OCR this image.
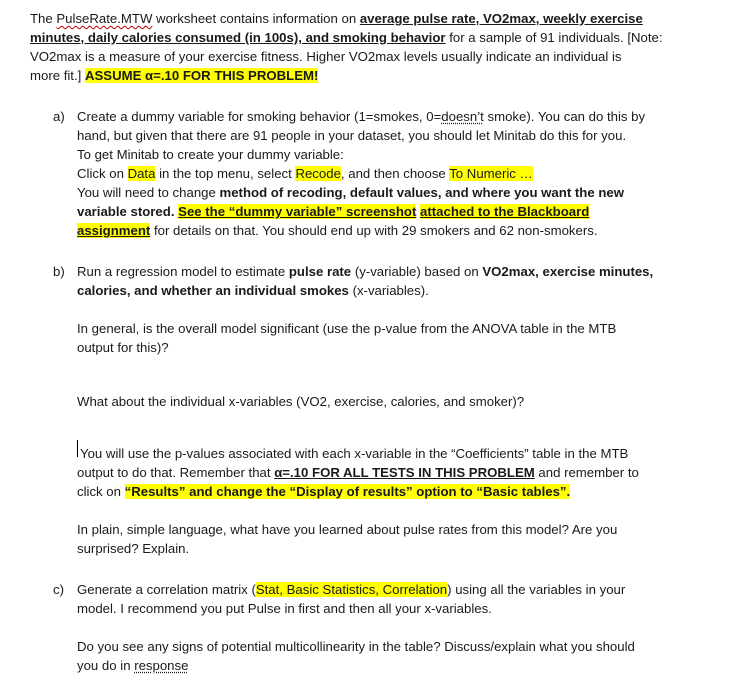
The PulseRate.MTW worksheet contains information on average pulse rate, VO2max, weekly exercise
minutes, daily calories consumed (in 100s), and smoking behavior for a sample of 91 individuals. [Note:
VO2max is a measure of your exercise fitness. Higher VO2max levels usually indicate an individual is
more fit.] ASSUME α=.10 FOR THIS PROBLEM!
a) Create a dummy variable for smoking behavior (1=smokes, 0=doesn’t smoke). You can do this by
hand, but given that there are 91 people in your dataset, you should let Minitab do this for you.
To get Minitab to create your dummy variable:
Click on Data in the top menu, select Recode, and then choose To Numeric …
You will need to change method of recoding, default values, and where you want the new
variable stored. See the “dummy variable” screenshot attached to the Blackboard
assignment for details on that. You should end up with 29 smokers and 62 non-smokers.
b) Run a regression model to estimate pulse rate (y-variable) based on VO2max, exercise minutes,
calories, and whether an individual smokes (x-variables).
In general, is the overall model significant (use the p-value from the ANOVA table in the MTB
output for this)?
What about the individual x-variables (VO2, exercise, calories, and smoker)?
You will use the p-values associated with each x-variable in the “Coefficients” table in the MTB
output to do that. Remember that α=.10 FOR ALL TESTS IN THIS PROBLEM and remember to
click on “Results” and change the “Display of results” option to “Basic tables”.
In plain, simple language, what have you learned about pulse rates from this model? Are you
surprised? Explain.
c) Generate a correlation matrix (Stat, Basic Statistics, Correlation) using all the variables in your
model. I recommend you put Pulse in first and then all your x-variables.
Do you see any signs of potential multicollinearity in the table? Discuss/explain what you should
you do in response
